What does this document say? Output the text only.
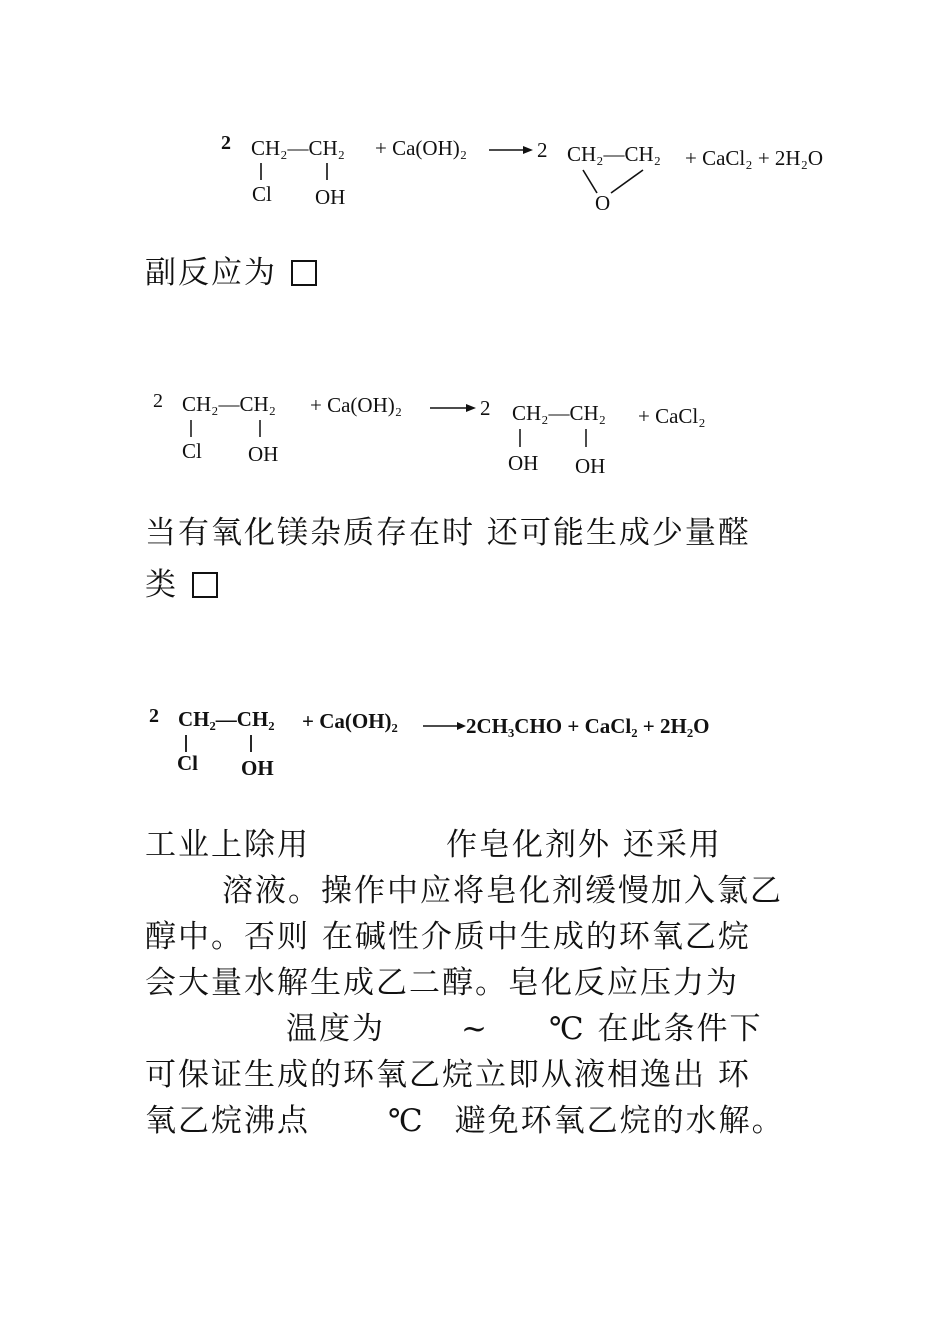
2 CH₂—CH₂
Cl OH
+ Ca(OH)₂	2 CH₂—CH₂
O
+ CaCl₂ + 2H₂O
副反应为
2 CH₂—CH₂
Cl OH
+ Ca(OH)₂	2 CH₂—CH₂
OH OH
+ CaCl₂
当有氧化镁杂质存在时 还可能生成少量醛
类
2 CH₂—CH₂
Cl OH
+ Ca(OH)₂	2CH₃CHO + CaCl₂ + 2H₂O
工业上除用	作皂化剂外 还采用
溶液。操作中应将皂化剂缓慢加入氯乙
醇中。否则 在碱性介质中生成的环氧乙烷
会大量水解生成乙二醇。皂化反应压力为
温度为 ~ ℃ 在此条件下
可保证生成的环氧乙烷立即从液相逸出 环
氧乙烷沸点	℃ 避免环氧乙烷的水解。
